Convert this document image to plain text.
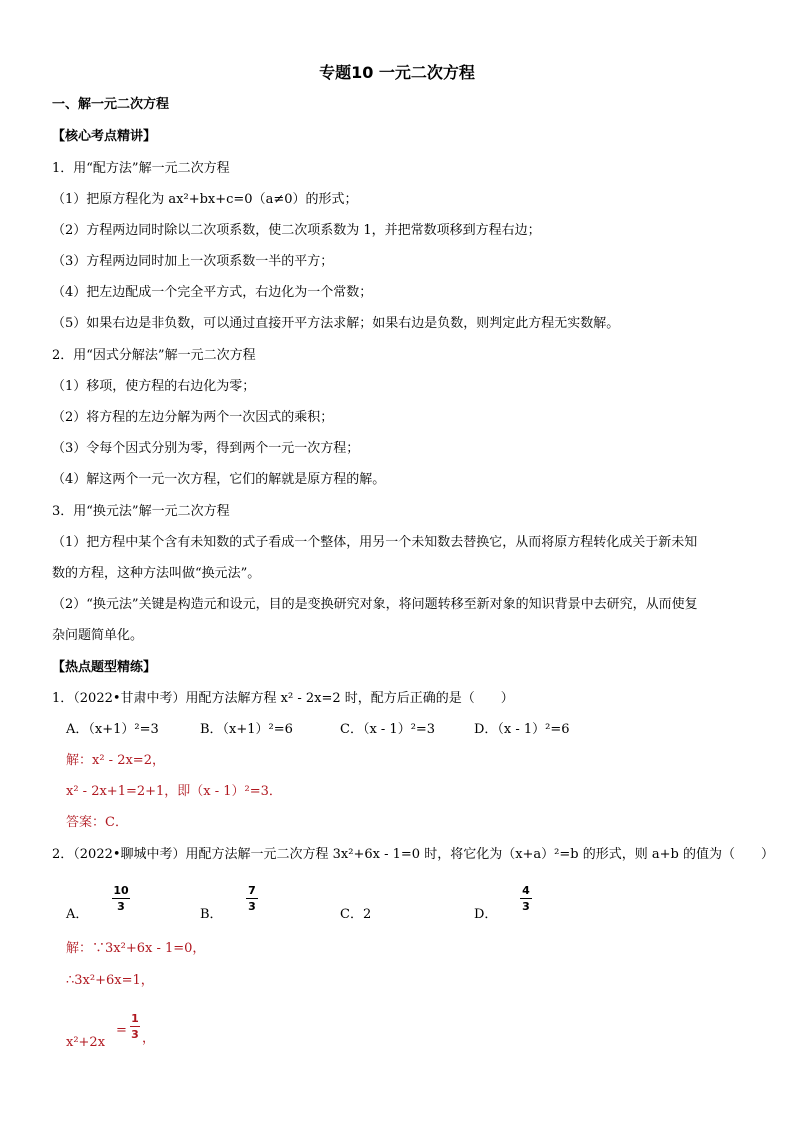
专题10 一元二次方程
一、解一元二次方程
【核心考点精讲】
1．用“配方法”解一元二次方程
（1）把原方程化为 ax²+bx+c=0（a≠0）的形式；
（2）方程两边同时除以二次项系数，使二次项系数为 1，并把常数项移到方程右边；
（3）方程两边同时加上一次项系数一半的平方；
（4）把左边配成一个完全平方式，右边化为一个常数；
（5）如果右边是非负数，可以通过直接开平方法求解；如果右边是负数，则判定此方程无实数解。
2．用“因式分解法”解一元二次方程
（1）移项，使方程的右边化为零；
（2）将方程的左边分解为两个一次因式的乘积；
（3）令每个因式分别为零，得到两个一元一次方程；
（4）解这两个一元一次方程，它们的解就是原方程的解。
3．用“换元法”解一元二次方程
（1）把方程中某个含有未知数的式子看成一个整体，用另一个未知数去替换它，从而将原方程转化成关于新未知
数的方程，这种方法叫做“换元法”。
（2）“换元法”关键是构造元和设元，目的是变换研究对象，将问题转移至新对象的知识背景中去研究，从而使复
杂问题简单化。
【热点题型精练】
1．（2022•甘肃中考）用配方法解方程 x² - 2x=2 时，配方后正确的是（　　）
A．（x+1）²=3	B．（x+1）²=6	C．（x - 1）²=3	D．（x - 1）²=6
解：x² - 2x=2，
x² - 2x+1=2+1，即（x - 1）²=3．
答案：C．
2．（2022•聊城中考）用配方法解一元二次方程 3x²+6x - 1=0 时，将它化为（x+a）²=b 的形式，则 a+b 的值为（　　）
A．
10
3
B．
7
3
C．2	D．
4
3
解：∵3x²+6x - 1=0，
∴3x²+6x=1，
x²+2x
=
1
3 ，
